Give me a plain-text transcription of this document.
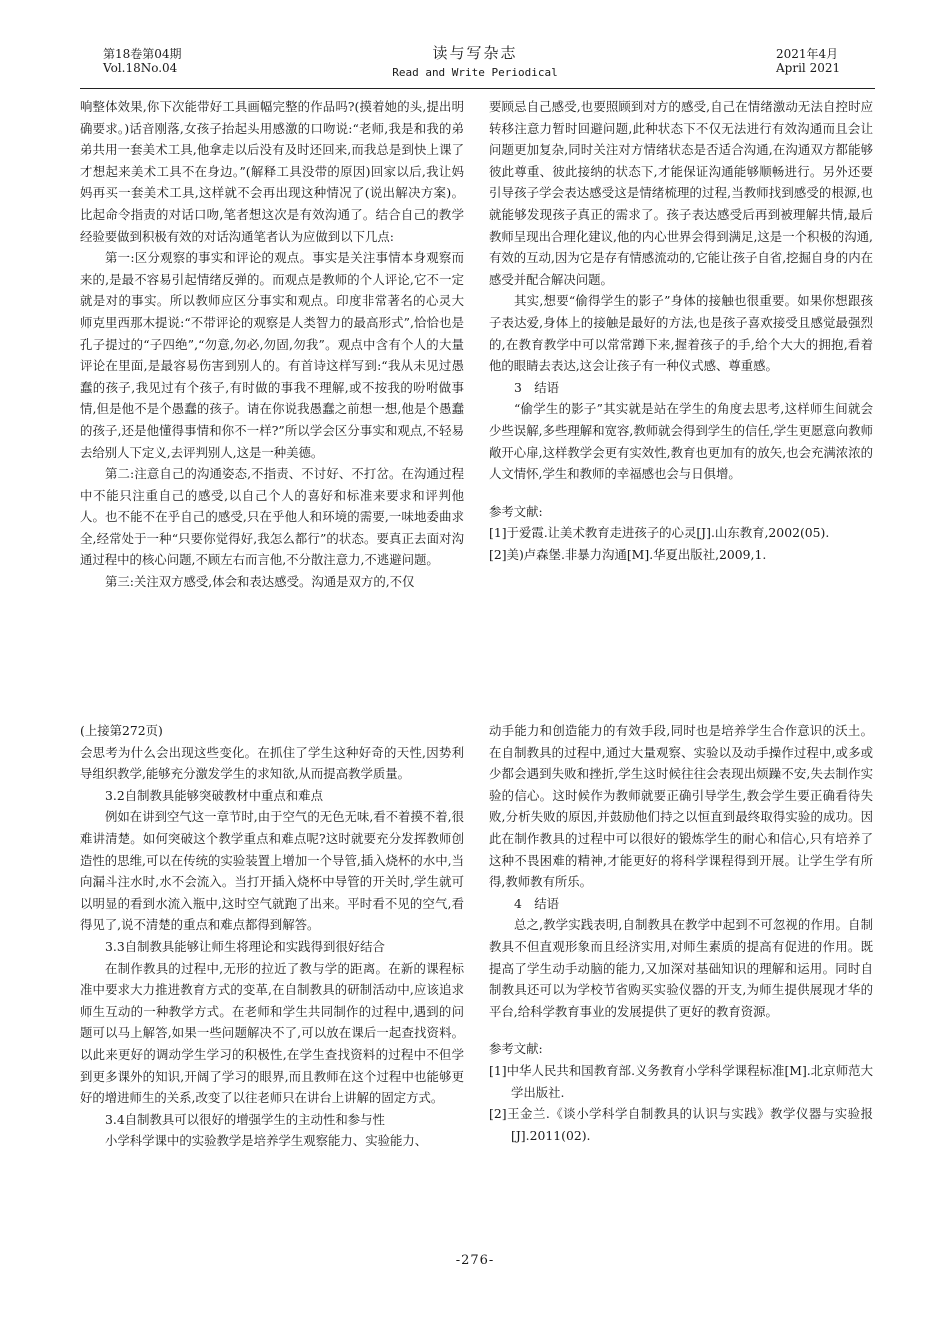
第18卷第04期
Vol.18No.04
读与写杂志
Read and Write Periodical
2021年4月
April 2021

响整体效果,你下次能带好工具画幅完整的作品吗?(摸着她的头,提出明确要求。)话音刚落,女孩子抬起头用感激的口吻说:“老师,我是和我的弟弟共用一套美术工具,他拿走以后没有及时还回来,而我总是到快上课了才想起来美术工具不在身边。”(解释工具没带的原因)回家以后,我让妈妈再买一套美术工具,这样就不会再出现这种情况了(说出解决方案)。比起命令指责的对话口吻,笔者想这次是有效沟通了。结合自己的教学经验要做到积极有效的对话沟通笔者认为应做到以下几点:

第一:区分观察的事实和评论的观点。事实是关注事情本身观察而来的,是最不容易引起情绪反弹的。而观点是教师的个人评论,它不一定就是对的事实。所以教师应区分事实和观点。印度非常著名的心灵大师克里西那木提说:“不带评论的观察是人类智力的最高形式”,恰恰也是孔子提过的“子四绝”,“勿意,勿必,勿固,勿我”。观点中含有个人的大量评论在里面,是最容易伤害到别人的。有首诗这样写到:“我从未见过愚蠢的孩子,我见过有个孩子,有时做的事我不理解,或不按我的吩咐做事情,但是他不是个愚蠢的孩子。请在你说我愚蠢之前想一想,他是个愚蠢的孩子,还是他懂得事情和你不一样?”所以学会区分事实和观点,不轻易去给别人下定义,去评判别人,这是一种美德。

第二:注意自己的沟通姿态,不指责、不讨好、不打岔。在沟通过程中不能只注重自己的感受,以自己个人的喜好和标准来要求和评判他人。也不能不在乎自己的感受,只在乎他人和环境的需要,一味地委曲求全,经常处于一种“只要你觉得好,我怎么都行”的状态。要真正去面对沟通过程中的核心问题,不顾左右而言他,不分散注意力,不逃避问题。

第三:关注双方感受,体会和表达感受。沟通是双方的,不仅

要顾忌自己感受,也要照顾到对方的感受,自己在情绪激动无法自控时应转移注意力暂时回避问题,此种状态下不仅无法进行有效沟通而且会让问题更加复杂,同时关注对方情绪状态是否适合沟通,在沟通双方都能够彼此尊重、彼此接纳的状态下,才能保证沟通能够顺畅进行。另外还要引导孩子学会表达感受这是情绪梳理的过程,当教师找到感受的根源,也就能够发现孩子真正的需求了。孩子表达感受后再到被理解共情,最后教师呈现出合理化建议,他的内心世界会得到满足,这是一个积极的沟通,有效的互动,因为它是存有情感流动的,它能让孩子自省,挖掘自身的内在感受并配合解决问题。

其实,想要“偷得学生的影子”身体的接触也很重要。如果你想跟孩子表达爱,身体上的接触是最好的方法,也是孩子喜欢接受且感觉最强烈的,在教育教学中可以常常蹲下来,握着孩子的手,给个大大的拥抱,看着他的眼睛去表达,这会让孩子有一种仪式感、尊重感。

3　结语

“偷学生的影子”其实就是站在学生的角度去思考,这样师生间就会少些误解,多些理解和宽容,教师就会得到学生的信任,学生更愿意向教师敞开心扉,这样教学会更有实效性,教育也更加有的放矢,也会充满浓浓的人文情怀,学生和教师的幸福感也会与日俱增。

参考文献:

[1]于爱霞.让美术教育走进孩子的心灵[J].山东教育,2002(05).

[2]美)卢森堡.非暴力沟通[M].华夏出版社,2009,1.

(上接第272页)

会思考为什么会出现这些变化。在抓住了学生这种好奇的天性,因势利导组织教学,能够充分激发学生的求知欲,从而提高教学质量。

3.2自制教具能够突破教材中重点和难点

例如在讲到空气这一章节时,由于空气的无色无味,看不着摸不着,很难讲清楚。如何突破这个教学重点和难点呢?这时就要充分发挥教师创造性的思维,可以在传统的实验装置上增加一个导管,插入烧杯的水中,当向漏斗注水时,水不会流入。当打开插入烧杯中导管的开关时,学生就可以明显的看到水流入瓶中,这时空气就跑了出来。平时看不见的空气,看得见了,说不清楚的重点和难点都得到解答。

3.3自制教具能够让师生将理论和实践得到很好结合

在制作教具的过程中,无形的拉近了教与学的距离。在新的课程标准中要求大力推进教育方式的变革,在自制教具的研制活动中,应该追求师生互动的一种教学方式。在老师和学生共同制作的过程中,遇到的问题可以马上解答,如果一些问题解决不了,可以放在课后一起查找资料。以此来更好的调动学生学习的积极性,在学生查找资料的过程中不但学到更多课外的知识,开阔了学习的眼界,而且教师在这个过程中也能够更好的增进师生的关系,改变了以往老师只在讲台上讲解的固定方式。

3.4自制教具可以很好的增强学生的主动性和参与性

小学科学课中的实验教学是培养学生观察能力、实验能力、

动手能力和创造能力的有效手段,同时也是培养学生合作意识的沃土。在自制教具的过程中,通过大量观察、实验以及动手操作过程中,或多或少都会遇到失败和挫折,学生这时候往往会表现出烦躁不安,失去制作实验的信心。这时候作为教师就要正确引导学生,教会学生要正确看待失败,分析失败的原因,并鼓励他们持之以恒直到最终取得实验的成功。因此在制作教具的过程中可以很好的锻炼学生的耐心和信心,只有培养了这种不畏困难的精神,才能更好的将科学课程得到开展。让学生学有所得,教师教有所乐。

4　结语

总之,教学实践表明,自制教具在教学中起到不可忽视的作用。自制教具不但直观形象而且经济实用,对师生素质的提高有促进的作用。既提高了学生动手动脑的能力,又加深对基础知识的理解和运用。同时自制教具还可以为学校节省购买实验仪器的开支,为师生提供展现才华的平台,给科学教育事业的发展提供了更好的教育资源。

参考文献:

[1]中华人民共和国教育部.义务教育小学科学课程标准[M].北京师范大学出版社.

[2]王金兰.《谈小学科学自制教具的认识与实践》教学仪器与实验报[J].2011(02).

-276-
